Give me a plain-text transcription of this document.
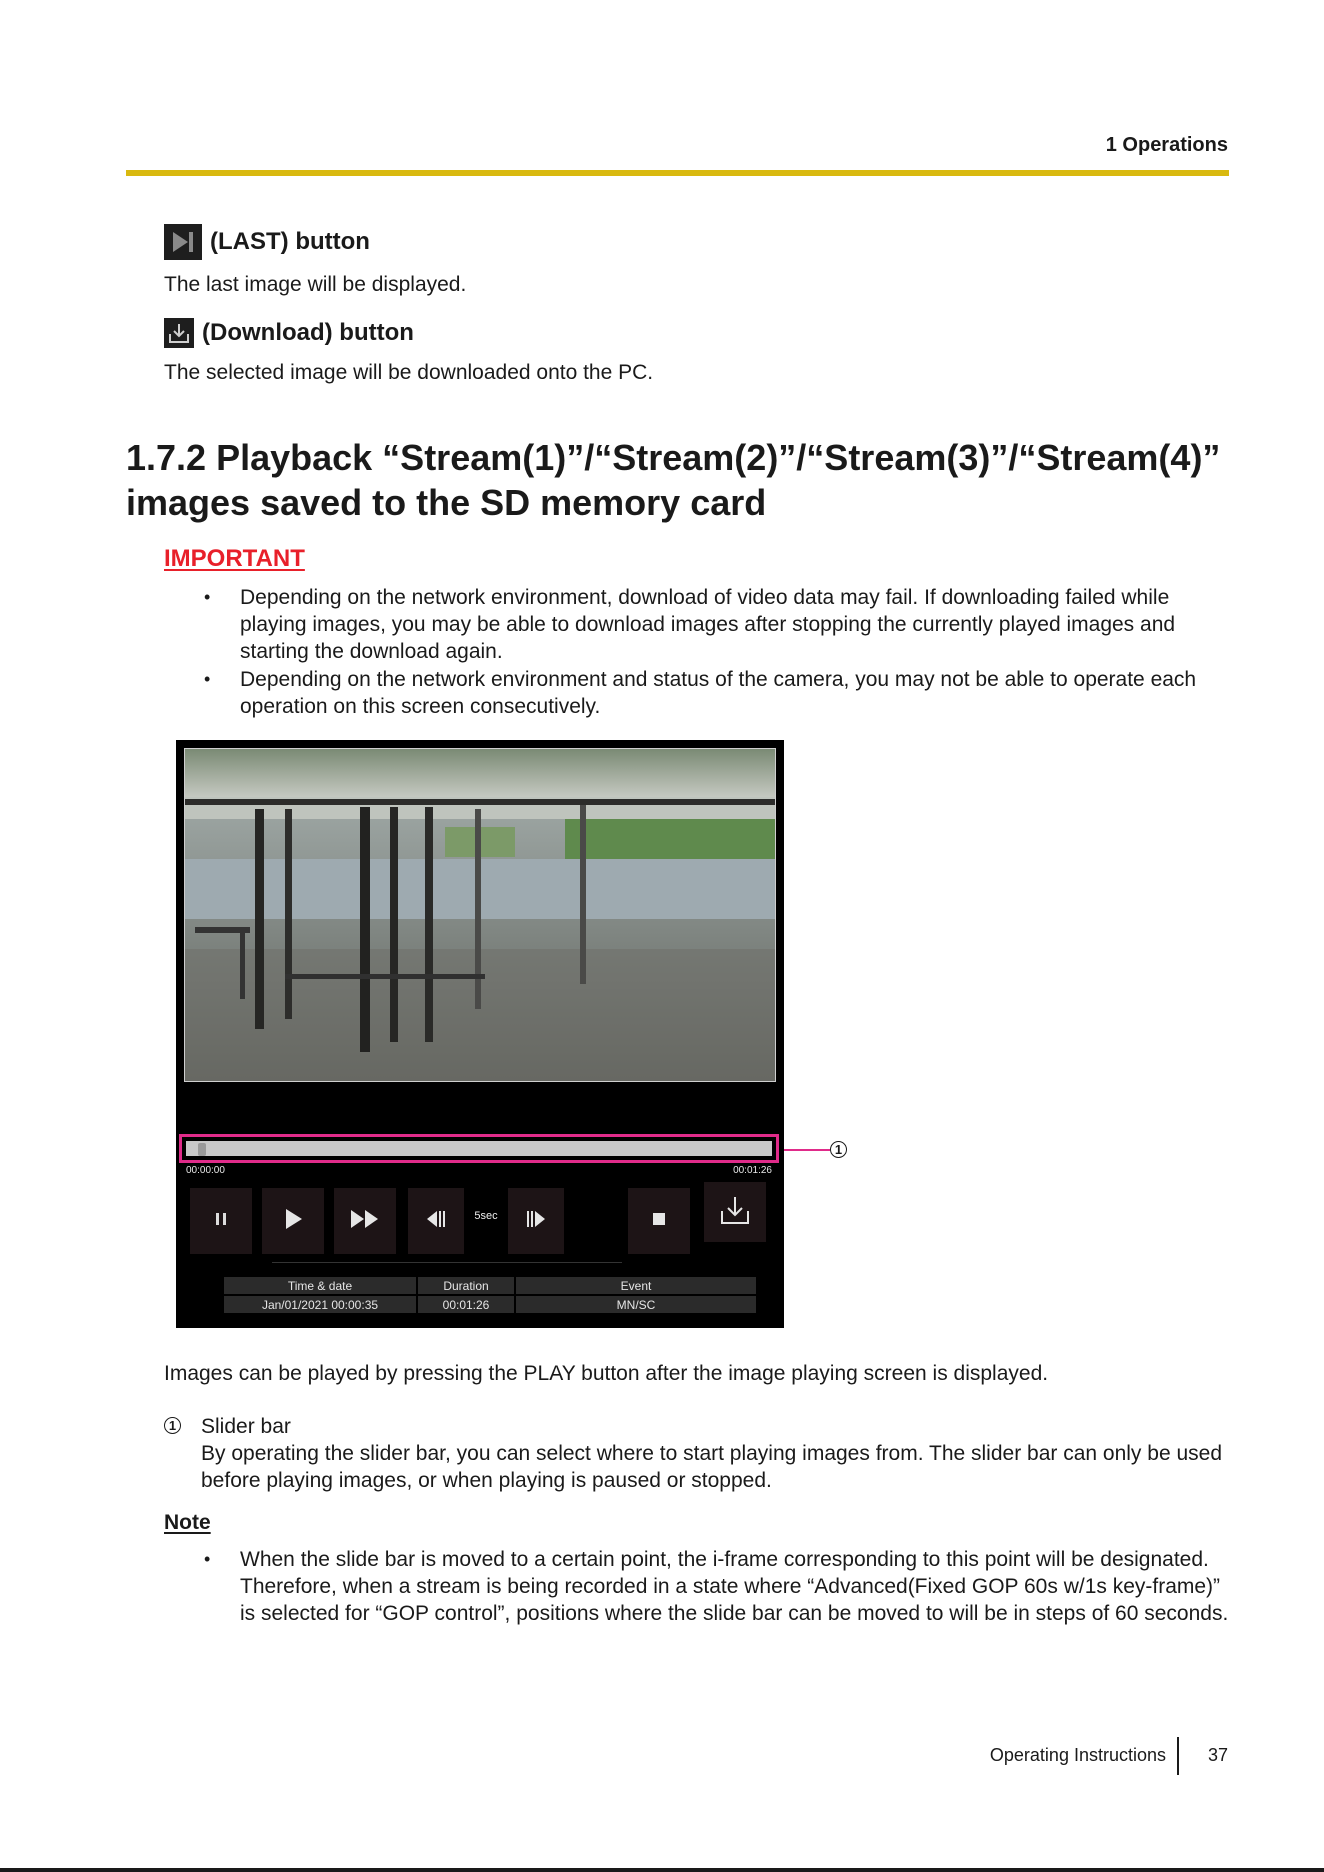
1 Operations
(LAST) button
The last image will be displayed.
(Download) button
The selected image will be downloaded onto the PC.
1.7.2 Playback “Stream(1)”/“Stream(2)”/“Stream(3)”/“Stream(4)”
images saved to the SD memory card
IMPORTANT
• Depending on the network environment, download of video data may fail. If downloading failed while playing images, you may be able to download images after stopping the currently played images and starting the download again.
• Depending on the network environment and status of the camera, you may not be able to operate each operation on this screen consecutively.
00:00:00	00:01:26
5sec
Time & date	Duration	Event
Jan/01/2021 00:00:35	00:01:26	MN/SC
1
Images can be played by pressing the PLAY button after the image playing screen is displayed.
1 Slider bar
By operating the slider bar, you can select where to start playing images from. The slider bar can only be used before playing images, or when playing is paused or stopped.
Note
• When the slide bar is moved to a certain point, the i-frame corresponding to this point will be designated. Therefore, when a stream is being recorded in a state where “Advanced(Fixed GOP 60s w/1s key-frame)” is selected for “GOP control”, positions where the slide bar can be moved to will be in steps of 60 seconds.
Operating Instructions 37
